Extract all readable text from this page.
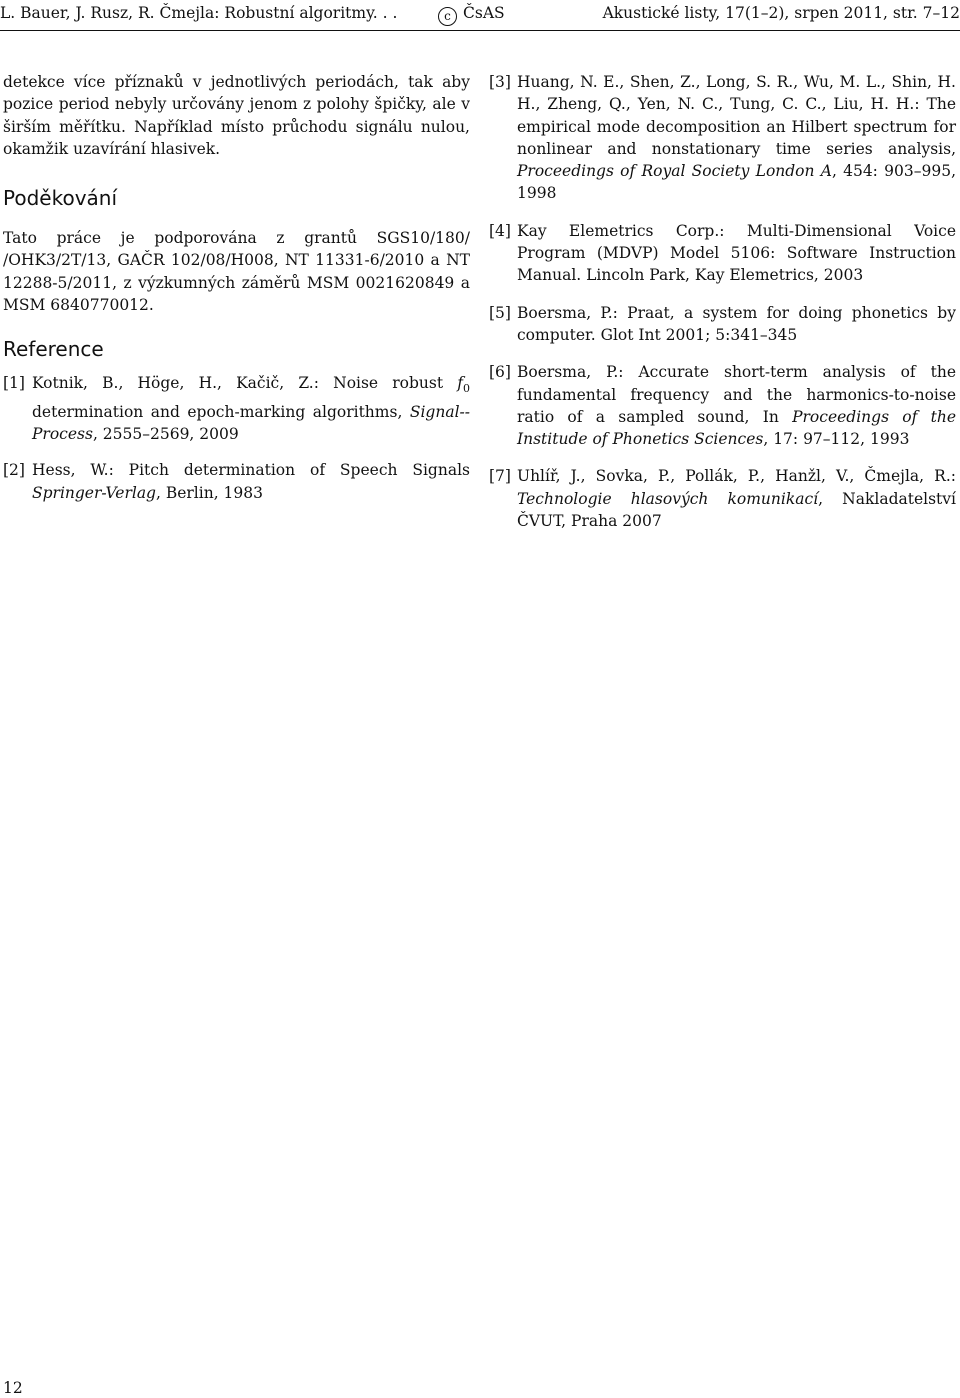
L. Bauer, J. Rusz, R. Čmejla: Robustní algoritmy. . .	c ČsAS	Akustické listy, 17(1–2), srpen 2011, str. 7–12

detekce více příznaků v jednotlivých periodách, tak aby pozice period nebyly určovány jenom z polohy špičky, ale v širším měřítku. Například místo průchodu signálu nulou, okamžik uzavírání hlasivek.

Poděkování

Tato práce je podporována z grantů SGS10/180/ /OHK3/2T/13, GAČR 102/08/H008, NT 11331-6/2010 a NT 12288-5/2011, z výzkumných záměrů MSM 0021620849 a MSM 6840770012.

Reference
[1] Kotnik, B., Höge, H., Kačič, Z.: Noise robust $f_0$ determination and epoch-marking algorithms, Signal--Process, 2555–2569, 2009
[2] Hess, W.: Pitch determination of Speech Signals Springer-Verlag, Berlin, 1983
[3] Huang, N. E., Shen, Z., Long, S. R., Wu, M. L., Shin, H. H., Zheng, Q., Yen, N. C., Tung, C. C., Liu, H. H.: The empirical mode decomposition an Hilbert spectrum for nonlinear and nonstationary time series analysis, Proceedings of Royal Society London A, 454: 903–995, 1998
[4] Kay Elemetrics Corp.: Multi-Dimensional Voice Program (MDVP) Model 5106: Software Instruction Manual. Lincoln Park, Kay Elemetrics, 2003
[5] Boersma, P.: Praat, a system for doing phonetics by computer. Glot Int 2001; 5:341–345
[6] Boersma, P.: Accurate short-term analysis of the fundamental frequency and the harmonics-to-noise ratio of a sampled sound, In Proceedings of the Institude of Phonetics Sciences, 17: 97–112, 1993
[7] Uhlíř, J., Sovka, P., Pollák, P., Hanžl, V., Čmejla, R.: Technologie hlasových komunikací, Nakladatelství ČVUT, Praha 2007
12
